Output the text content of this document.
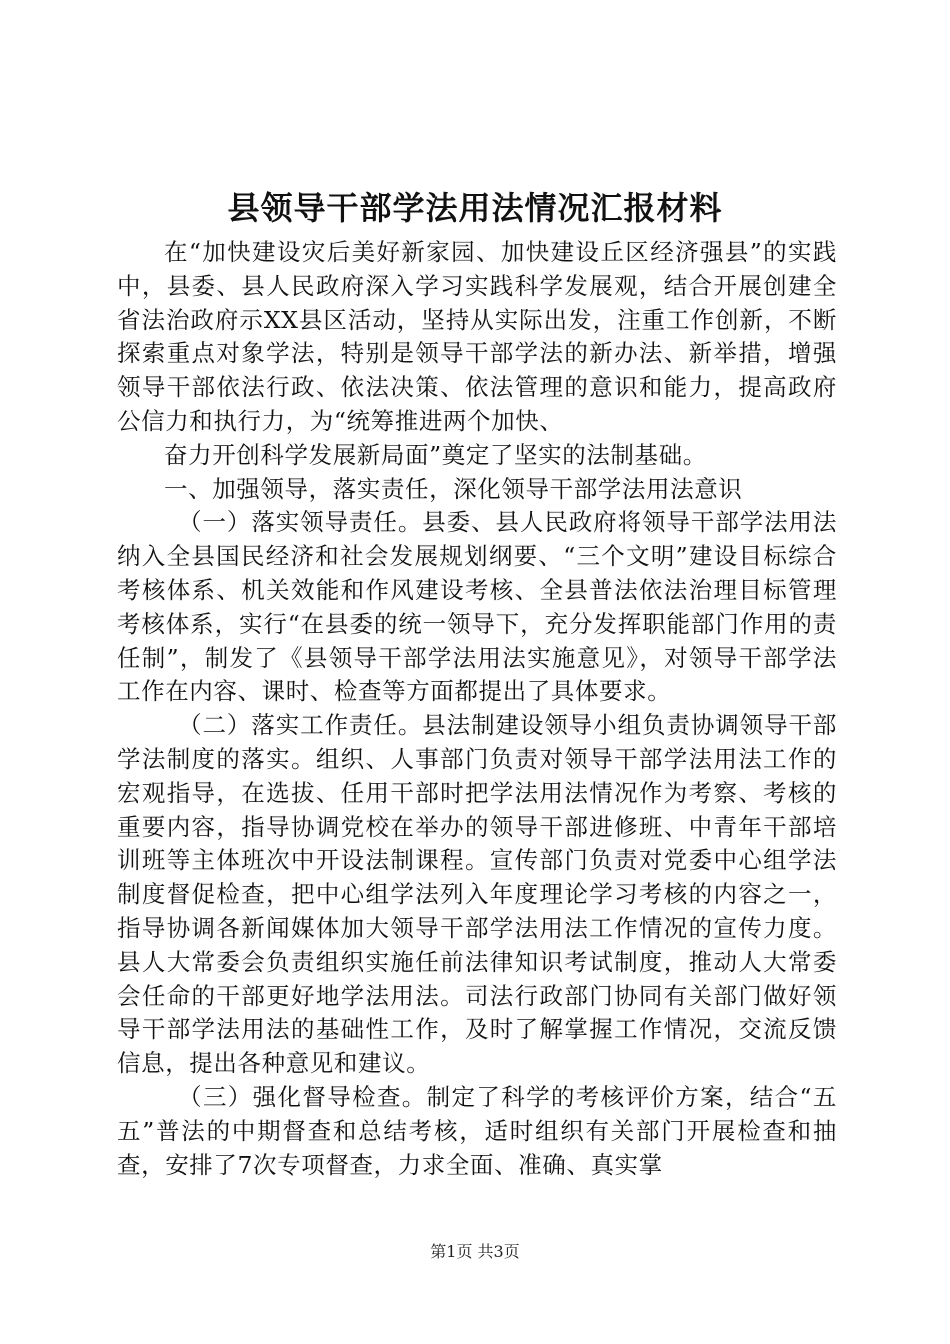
县领导干部学法用法情况汇报材料

在“加快建设灾后美好新家园、加快建设丘区经济强县”的实践中，县委、县人民政府深入学习实践科学发展观，结合开展创建全省法治政府示XX县区活动，坚持从实际出发，注重工作创新，不断探索重点对象学法，特别是领导干部学法的新办法、新举措，增强领导干部依法行政、依法决策、依法管理的意识和能力，提高政府公信力和执行力，为“统筹推进两个加快、

奋力开创科学发展新局面”奠定了坚实的法制基础。

一、加强领导，落实责任，深化领导干部学法用法意识

（一）落实领导责任。县委、县人民政府将领导干部学法用法纳入全县国民经济和社会发展规划纲要、“三个文明”建设目标综合考核体系、机关效能和作风建设考核、全县普法依法治理目标管理考核体系，实行“在县委的统一领导下，充分发挥职能部门作用的责任制”，制发了《县领导干部学法用法实施意见》，对领导干部学法工作在内容、课时、检查等方面都提出了具体要求。

（二）落实工作责任。县法制建设领导小组负责协调领导干部学法制度的落实。组织、人事部门负责对领导干部学法用法工作的宏观指导，在选拔、任用干部时把学法用法情况作为考察、考核的重要内容，指导协调党校在举办的领导干部进修班、中青年干部培训班等主体班次中开设法制课程。宣传部门负责对党委中心组学法制度督促检查，把中心组学法列入年度理论学习考核的内容之一，指导协调各新闻媒体加大领导干部学法用法工作情况的宣传力度。县人大常委会负责组织实施任前法律知识考试制度，推动人大常委会任命的干部更好地学法用法。司法行政部门协同有关部门做好领导干部学法用法的基础性工作，及时了解掌握工作情况，交流反馈信息，提出各种意见和建议。

（三）强化督导检查。制定了科学的考核评价方案，结合“五五”普法的中期督查和总结考核，适时组织有关部门开展检查和抽查，安排了7次专项督查，力求全面、准确、真实掌

第1页 共3页
